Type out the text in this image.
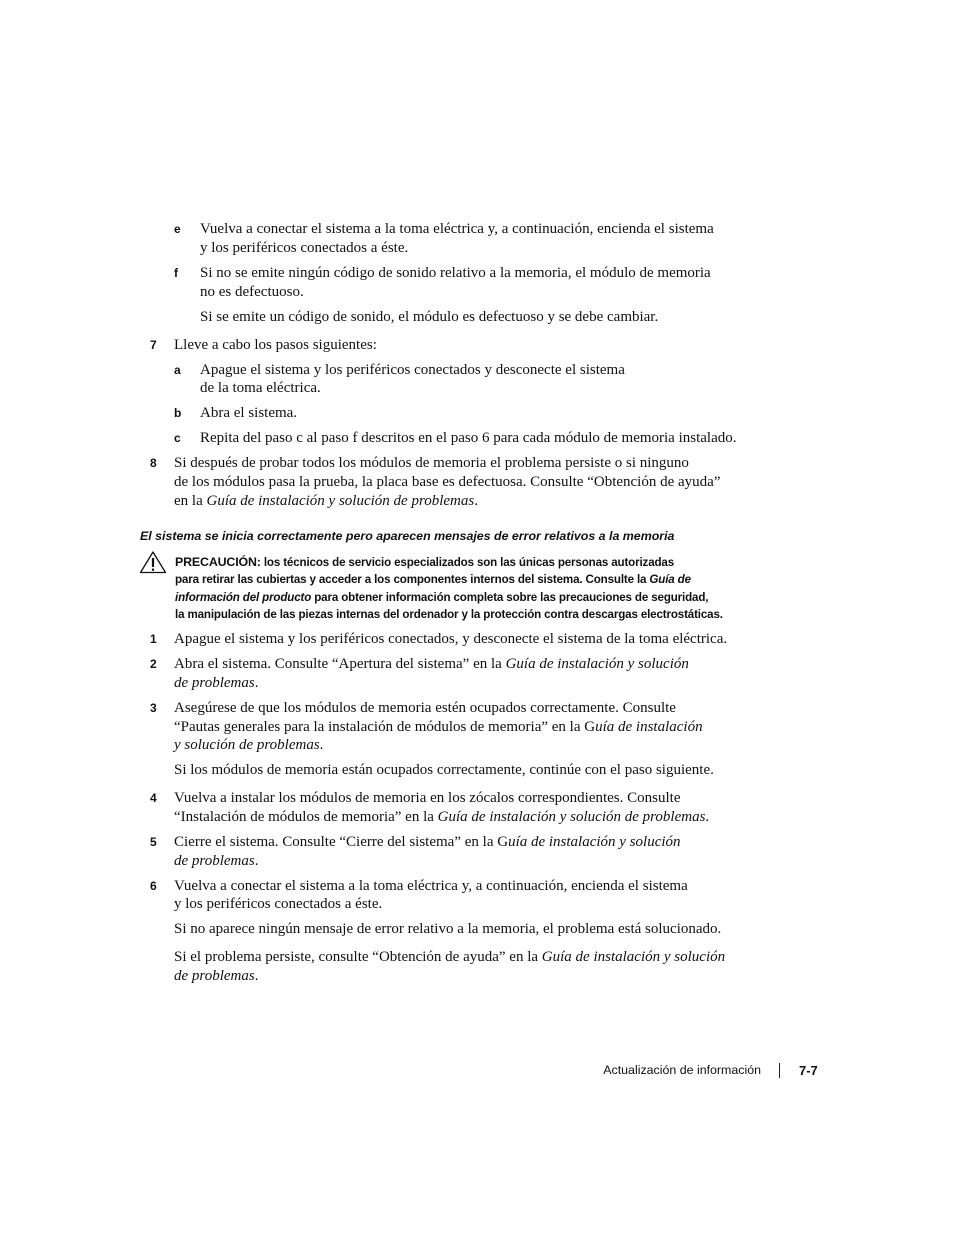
e Vuelva a conectar el sistema a la toma eléctrica y, a continuación, encienda el sistema
y los periféricos conectados a éste.
f Si no se emite ningún código de sonido relativo a la memoria, el módulo de memoria
no es defectuoso.
Si se emite un código de sonido, el módulo es defectuoso y se debe cambiar.
7 Lleve a cabo los pasos siguientes:
a Apague el sistema y los periféricos conectados y desconecte el sistema
de la toma eléctrica.
b Abra el sistema.
c Repita del paso c al paso f descritos en el paso 6 para cada módulo de memoria instalado.
8 Si después de probar todos los módulos de memoria el problema persiste o si ninguno
de los módulos pasa la prueba, la placa base es defectuosa. Consulte “Obtención de ayuda”
en la Guía de instalación y solución de problemas.
El sistema se inicia correctamente pero aparecen mensajes de error relativos a la memoria
PRECAUCIÓN: los técnicos de servicio especializados son las únicas personas autorizadas
para retirar las cubiertas y acceder a los componentes internos del sistema. Consulte la Guía de
información del producto para obtener información completa sobre las precauciones de seguridad,
la manipulación de las piezas internas del ordenador y la protección contra descargas electrostáticas.
1 Apague el sistema y los periféricos conectados, y desconecte el sistema de la toma eléctrica.
2 Abra el sistema. Consulte “Apertura del sistema” en la Guía de instalación y solución
de problemas.
3 Asegúrese de que los módulos de memoria estén ocupados correctamente. Consulte
“Pautas generales para la instalación de módulos de memoria” en la Guía de instalación
y solución de problemas.
Si los módulos de memoria están ocupados correctamente, continúe con el paso siguiente.
4 Vuelva a instalar los módulos de memoria en los zócalos correspondientes. Consulte
“Instalación de módulos de memoria” en la Guía de instalación y solución de problemas.
5 Cierre el sistema. Consulte “Cierre del sistema” en la Guía de instalación y solución
de problemas.
6 Vuelva a conectar el sistema a la toma eléctrica y, a continuación, encienda el sistema
y los periféricos conectados a éste.
Si no aparece ningún mensaje de error relativo a la memoria, el problema está solucionado.
Si el problema persiste, consulte “Obtención de ayuda” en la Guía de instalación y solución
de problemas.
Actualización de información	7-7
